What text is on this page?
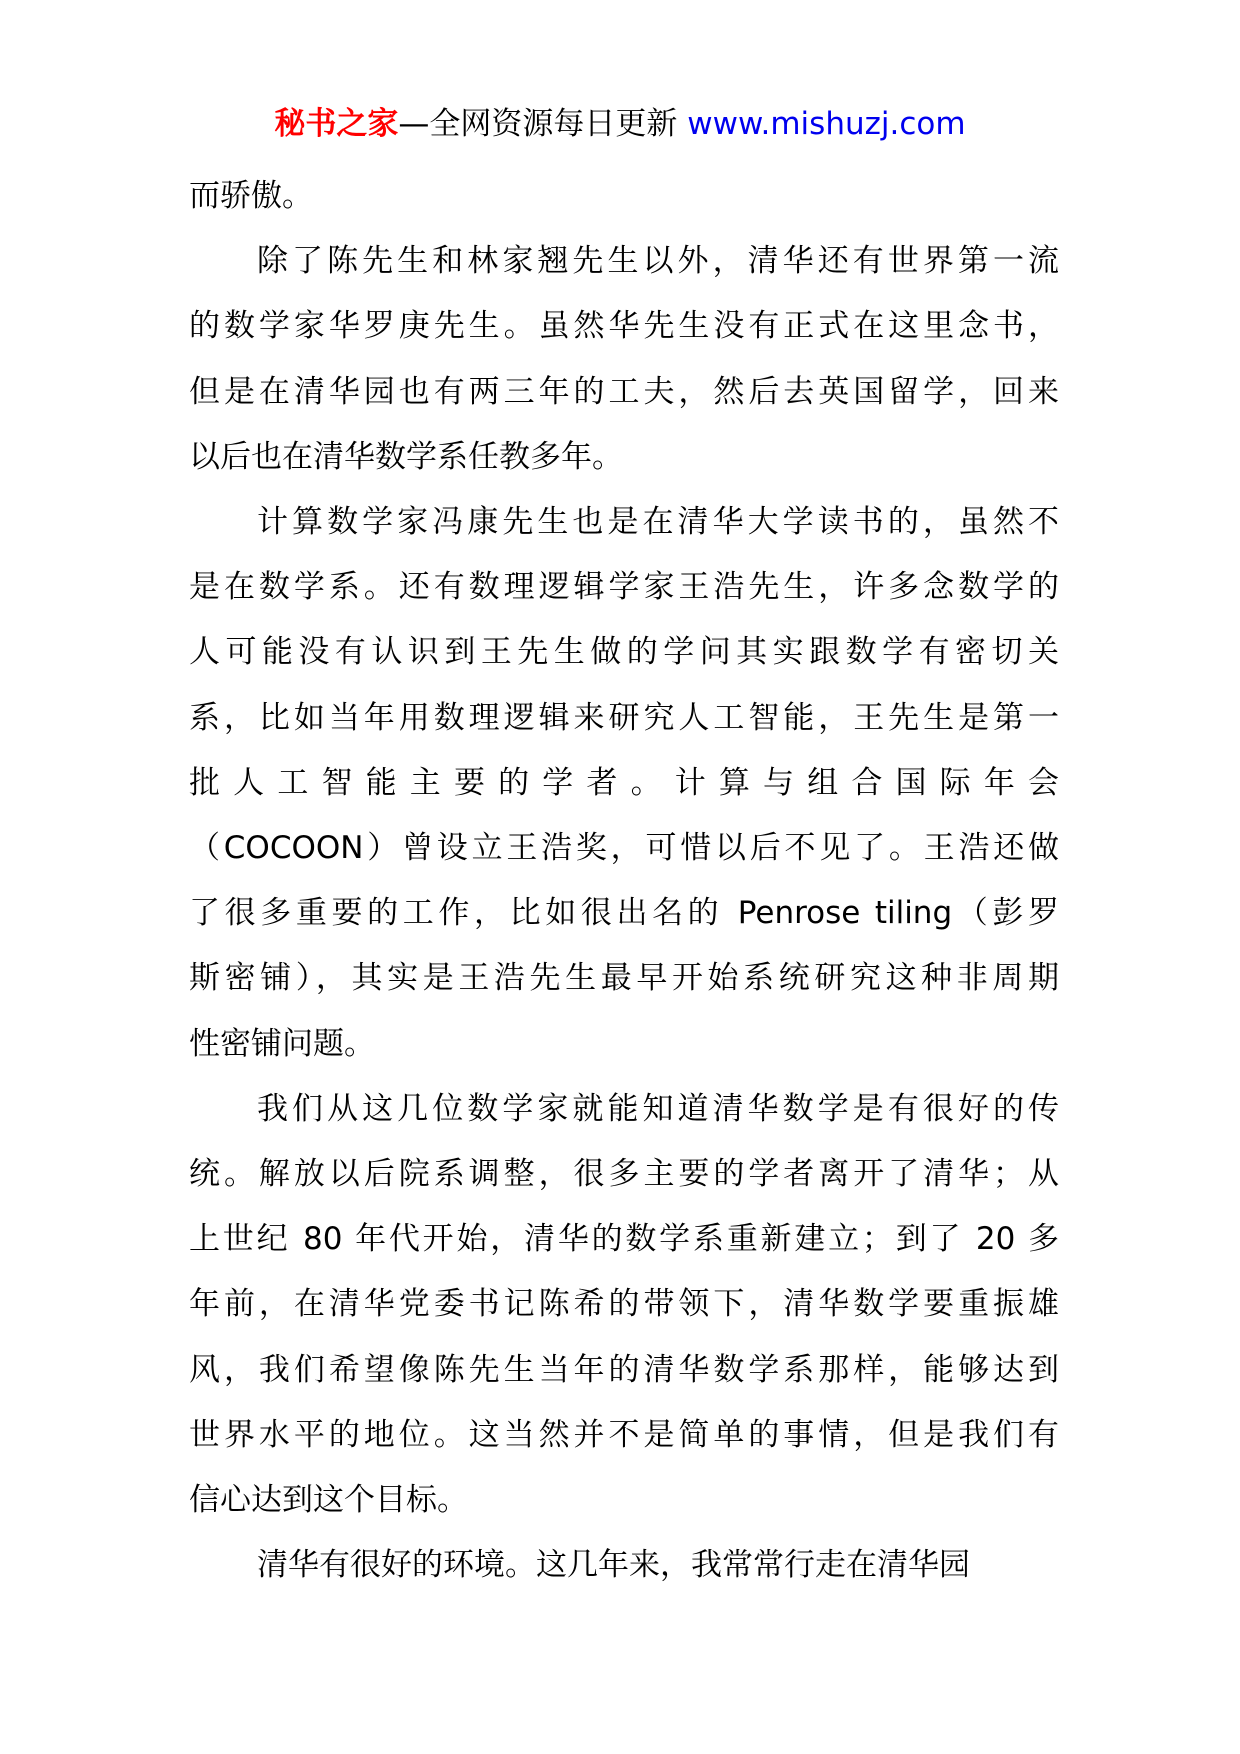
秘书之家—全网资源每日更新 www.mishuzj.com

而骄傲。

除了陈先生和林家翘先生以外，清华还有世界第一流
的数学家华罗庚先生。虽然华先生没有正式在这里念书，
但是在清华园也有两三年的工夫，然后去英国留学，回来
以后也在清华数学系任教多年。

计算数学家冯康先生也是在清华大学读书的，虽然不
是在数学系。还有数理逻辑学家王浩先生，许多念数学的
人可能没有认识到王先生做的学问其实跟数学有密切关
系，比如当年用数理逻辑来研究人工智能，王先生是第一
批人工智能主要的学者。计算与组合国际年会
（COCOON）曾设立王浩奖，可惜以后不见了。王浩还做
了很多重要的工作，比如很出名的 Penrose tiling（彭罗
斯密铺），其实是王浩先生最早开始系统研究这种非周期
性密铺问题。

我们从这几位数学家就能知道清华数学是有很好的传
统。解放以后院系调整，很多主要的学者离开了清华；从
上世纪 80 年代开始，清华的数学系重新建立；到了 20 多
年前，在清华党委书记陈希的带领下，清华数学要重振雄
风，我们希望像陈先生当年的清华数学系那样，能够达到
世界水平的地位。这当然并不是简单的事情，但是我们有
信心达到这个目标。

清华有很好的环境。这几年来，我常常行走在清华园
